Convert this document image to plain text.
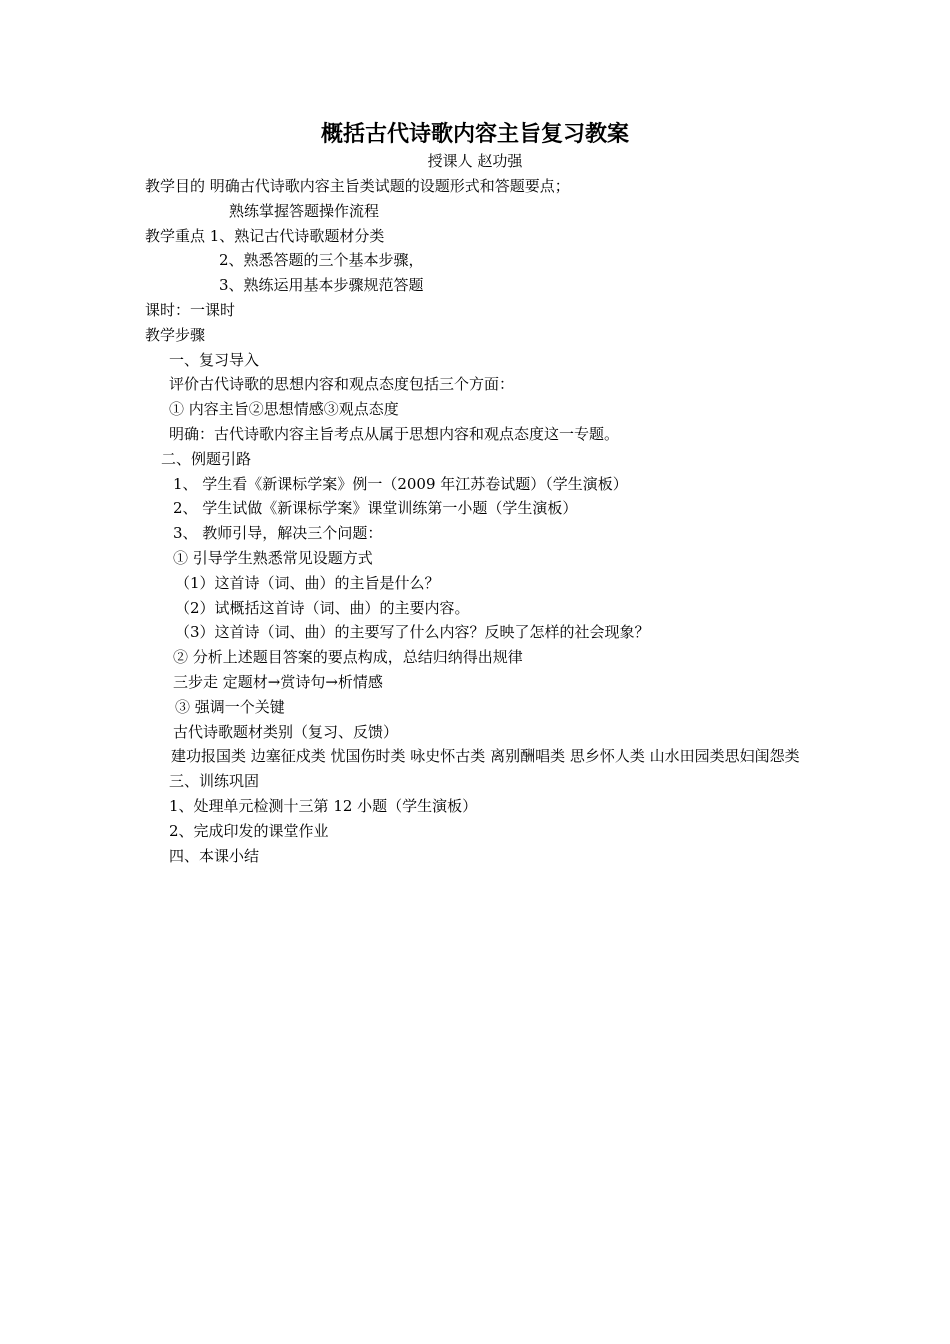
概括古代诗歌内容主旨复习教案
授课人 赵功强
教学目的 明确古代诗歌内容主旨类试题的设题形式和答题要点；
熟练掌握答题操作流程
教学重点 1、熟记古代诗歌题材分类
2、熟悉答题的三个基本步骤，
3、熟练运用基本步骤规范答题
课时：一课时
教学步骤
一、复习导入
评价古代诗歌的思想内容和观点态度包括三个方面：
① 内容主旨②思想情感③观点态度
明确：古代诗歌内容主旨考点从属于思想内容和观点态度这一专题。
二、例题引路
1、 学生看《新课标学案》例一（2009 年江苏卷试题）（学生演板）
2、 学生试做《新课标学案》课堂训练第一小题（学生演板）
3、 教师引导，解决三个问题：
① 引导学生熟悉常见设题方式
（1）这首诗（词、曲）的主旨是什么？
（2）试概括这首诗（词、曲）的主要内容。
（3）这首诗（词、曲）的主要写了什么内容？反映了怎样的社会现象？
② 分析上述题目答案的要点构成，总结归纳得出规律
三步走 定题材→赏诗句→析情感
③ 强调一个关键
古代诗歌题材类别（复习、反馈）
建功报国类 边塞征戍类 忧国伤时类 咏史怀古类 离别酬唱类 思乡怀人类 山水田园类思妇闺怨类
三、训练巩固
1、处理单元检测十三第 12 小题（学生演板）
2、完成印发的课堂作业
四、本课小结
